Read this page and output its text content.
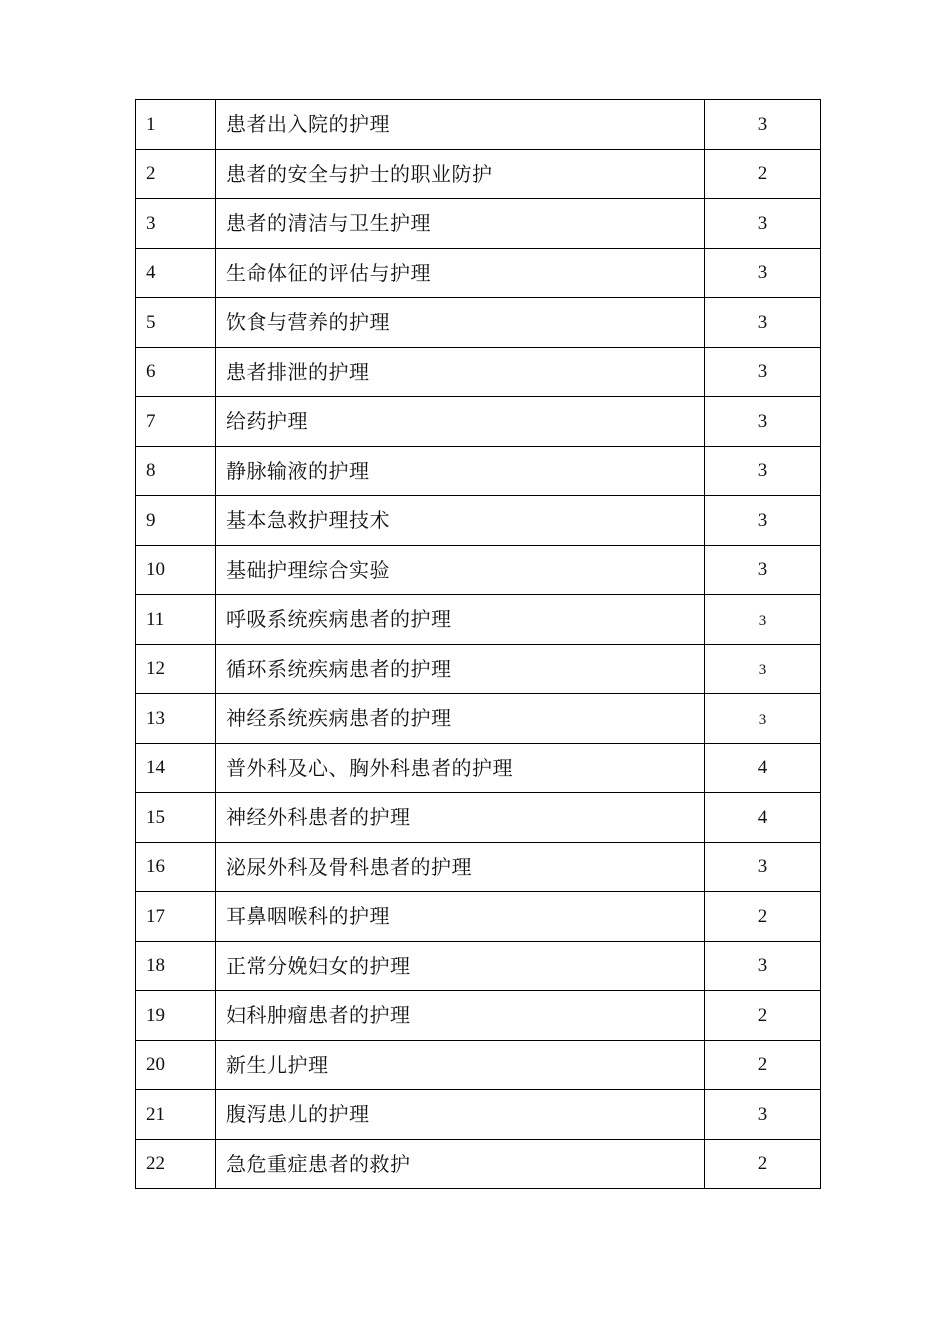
1	患者出入院的护理	3
2	患者的安全与护士的职业防护	2
3	患者的清洁与卫生护理	3
4	生命体征的评估与护理	3
5	饮食与营养的护理	3
6	患者排泄的护理	3
7	给药护理	3
8	静脉输液的护理	3
9	基本急救护理技术	3
10	基础护理综合实验	3
11	呼吸系统疾病患者的护理	3
12	循环系统疾病患者的护理	3
13	神经系统疾病患者的护理	3
14	普外科及心、胸外科患者的护理	4
15	神经外科患者的护理	4
16	泌尿外科及骨科患者的护理	3
17	耳鼻咽喉科的护理	2
18	正常分娩妇女的护理	3
19	妇科肿瘤患者的护理	2
20	新生儿护理	2
21	腹泻患儿的护理	3
22	急危重症患者的救护	2
